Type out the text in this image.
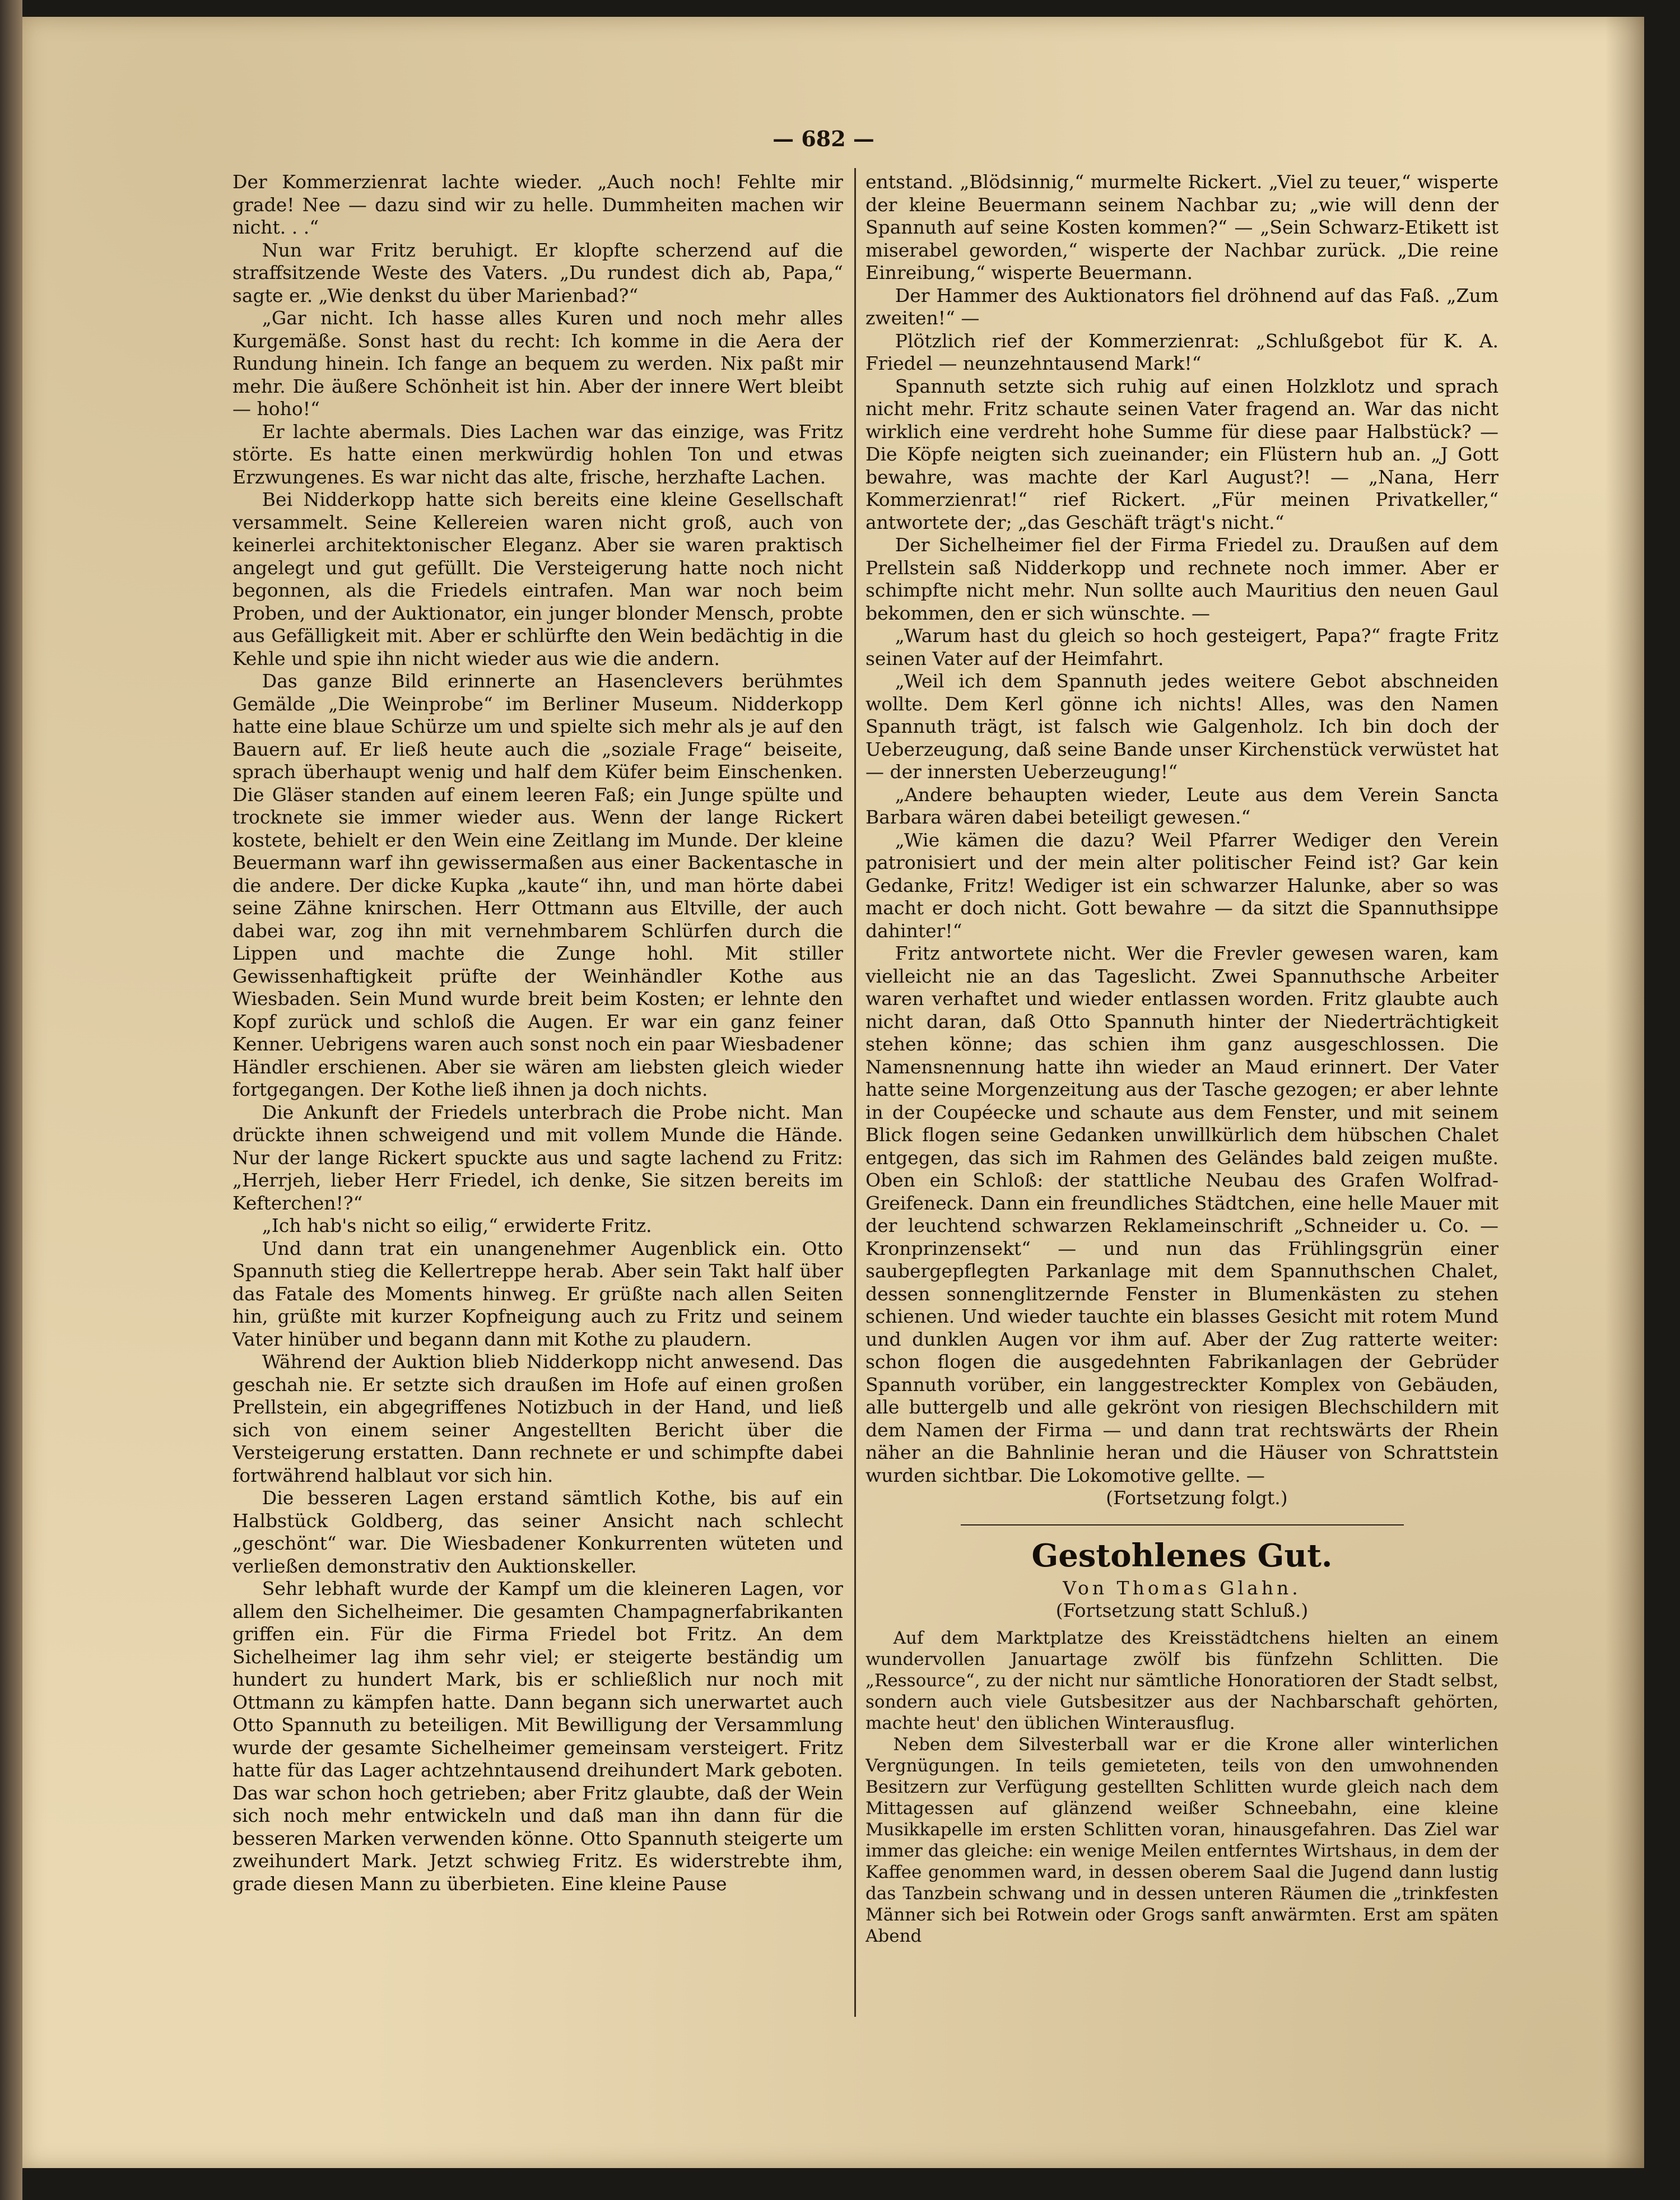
— 682 —

Der Kommerzienrat lachte wieder. „Auch noch! Fehlte mir grade! Nee — dazu sind wir zu helle. Dummheiten machen wir nicht. . .“

Nun war Fritz beruhigt. Er klopfte scherzend auf die straffsitzende Weste des Vaters. „Du rundest dich ab, Papa,“ sagte er. „Wie denkst du über Marienbad?“

„Gar nicht. Ich hasse alles Kuren und noch mehr alles Kurgemäße. Sonst hast du recht: Ich komme in die Aera der Rundung hinein. Ich fange an bequem zu werden. Nix paßt mir mehr. Die äußere Schönheit ist hin. Aber der innere Wert bleibt — hoho!“

Er lachte abermals. Dies Lachen war das einzige, was Fritz störte. Es hatte einen merkwürdig hohlen Ton und etwas Erzwungenes. Es war nicht das alte, frische, herzhafte Lachen.

Bei Nidderkopp hatte sich bereits eine kleine Gesellschaft versammelt. Seine Kellereien waren nicht groß, auch von keinerlei architektonischer Eleganz. Aber sie waren praktisch angelegt und gut gefüllt. Die Versteigerung hatte noch nicht begonnen, als die Friedels eintrafen. Man war noch beim Proben, und der Auktionator, ein junger blonder Mensch, probte aus Gefälligkeit mit. Aber er schlürfte den Wein bedächtig in die Kehle und spie ihn nicht wieder aus wie die andern.

Das ganze Bild erinnerte an Hasenclevers berühmtes Gemälde „Die Weinprobe“ im Berliner Museum. Nidderkopp hatte eine blaue Schürze um und spielte sich mehr als je auf den Bauern auf. Er ließ heute auch die „soziale Frage“ beiseite, sprach überhaupt wenig und half dem Küfer beim Einschenken. Die Gläser standen auf einem leeren Faß; ein Junge spülte und trocknete sie immer wieder aus. Wenn der lange Rickert kostete, behielt er den Wein eine Zeitlang im Munde. Der kleine Beuermann warf ihn gewissermaßen aus einer Backentasche in die andere. Der dicke Kupka „kaute“ ihn, und man hörte dabei seine Zähne knirschen. Herr Ottmann aus Eltville, der auch dabei war, zog ihn mit vernehmbarem Schlürfen durch die Lippen und machte die Zunge hohl. Mit stiller Gewissenhaftigkeit prüfte der Weinhändler Kothe aus Wiesbaden. Sein Mund wurde breit beim Kosten; er lehnte den Kopf zurück und schloß die Augen. Er war ein ganz feiner Kenner. Uebrigens waren auch sonst noch ein paar Wiesbadener Händler erschienen. Aber sie wären am liebsten gleich wieder fortgegangen. Der Kothe ließ ihnen ja doch nichts.

Die Ankunft der Friedels unterbrach die Probe nicht. Man drückte ihnen schweigend und mit vollem Munde die Hände. Nur der lange Rickert spuckte aus und sagte lachend zu Fritz: „Herrjeh, lieber Herr Friedel, ich denke, Sie sitzen bereits im Kefterchen!?“

„Ich hab's nicht so eilig,“ erwiderte Fritz.

Und dann trat ein unangenehmer Augenblick ein. Otto Spannuth stieg die Kellertreppe herab. Aber sein Takt half über das Fatale des Moments hinweg. Er grüßte nach allen Seiten hin, grüßte mit kurzer Kopfneigung auch zu Fritz und seinem Vater hinüber und begann dann mit Kothe zu plaudern.

Während der Auktion blieb Nidderkopp nicht anwesend. Das geschah nie. Er setzte sich draußen im Hofe auf einen großen Prellstein, ein abgegriffenes Notizbuch in der Hand, und ließ sich von einem seiner Angestellten Bericht über die Versteigerung erstatten. Dann rechnete er und schimpfte dabei fortwährend halblaut vor sich hin.

Die besseren Lagen erstand sämtlich Kothe, bis auf ein Halbstück Goldberg, das seiner Ansicht nach schlecht „geschönt“ war. Die Wiesbadener Konkurrenten wüteten und verließen demonstrativ den Auktionskeller.

Sehr lebhaft wurde der Kampf um die kleineren Lagen, vor allem den Sichelheimer. Die gesamten Champagnerfabrikanten griffen ein. Für die Firma Friedel bot Fritz. An dem Sichelheimer lag ihm sehr viel; er steigerte beständig um hundert zu hundert Mark, bis er schließlich nur noch mit Ottmann zu kämpfen hatte. Dann begann sich unerwartet auch Otto Spannuth zu beteiligen. Mit Bewilligung der Versammlung wurde der gesamte Sichelheimer gemeinsam versteigert. Fritz hatte für das Lager achtzehntausend dreihundert Mark geboten. Das war schon hoch getrieben; aber Fritz glaubte, daß der Wein sich noch mehr entwickeln und daß man ihn dann für die besseren Marken verwenden könne. Otto Spannuth steigerte um zweihundert Mark. Jetzt schwieg Fritz. Es widerstrebte ihm, grade diesen Mann zu überbieten. Eine kleine Pause

entstand. „Blödsinnig,“ murmelte Rickert. „Viel zu teuer,“ wisperte der kleine Beuermann seinem Nachbar zu; „wie will denn der Spannuth auf seine Kosten kommen?“ — „Sein Schwarz-Etikett ist miserabel geworden,“ wisperte der Nachbar zurück. „Die reine Einreibung,“ wisperte Beuermann.

Der Hammer des Auktionators fiel dröhnend auf das Faß. „Zum zweiten!“ —

Plötzlich rief der Kommerzienrat: „Schlußgebot für K. A. Friedel — neunzehntausend Mark!“

Spannuth setzte sich ruhig auf einen Holzklotz und sprach nicht mehr. Fritz schaute seinen Vater fragend an. War das nicht wirklich eine verdreht hohe Summe für diese paar Halbstück? — Die Köpfe neigten sich zueinander; ein Flüstern hub an. „J Gott bewahre, was machte der Karl August?! — „Nana, Herr Kommerzienrat!“ rief Rickert. „Für meinen Privatkeller,“ antwortete der; „das Geschäft trägt's nicht.“

Der Sichelheimer fiel der Firma Friedel zu. Draußen auf dem Prellstein saß Nidderkopp und rechnete noch immer. Aber er schimpfte nicht mehr. Nun sollte auch Mauritius den neuen Gaul bekommen, den er sich wünschte. —

„Warum hast du gleich so hoch gesteigert, Papa?“ fragte Fritz seinen Vater auf der Heimfahrt.

„Weil ich dem Spannuth jedes weitere Gebot abschneiden wollte. Dem Kerl gönne ich nichts! Alles, was den Namen Spannuth trägt, ist falsch wie Galgenholz. Ich bin doch der Ueberzeugung, daß seine Bande unser Kirchenstück verwüstet hat — der innersten Ueberzeugung!“

„Andere behaupten wieder, Leute aus dem Verein Sancta Barbara wären dabei beteiligt gewesen.“

„Wie kämen die dazu? Weil Pfarrer Wediger den Verein patronisiert und der mein alter politischer Feind ist? Gar kein Gedanke, Fritz! Wediger ist ein schwarzer Halunke, aber so was macht er doch nicht. Gott bewahre — da sitzt die Spannuthsippe dahinter!“

Fritz antwortete nicht. Wer die Frevler gewesen waren, kam vielleicht nie an das Tageslicht. Zwei Spannuthsche Arbeiter waren verhaftet und wieder entlassen worden. Fritz glaubte auch nicht daran, daß Otto Spannuth hinter der Niederträchtigkeit stehen könne; das schien ihm ganz ausgeschlossen. Die Namensnennung hatte ihn wieder an Maud erinnert. Der Vater hatte seine Morgenzeitung aus der Tasche gezogen; er aber lehnte in der Coupéecke und schaute aus dem Fenster, und mit seinem Blick flogen seine Gedanken unwillkürlich dem hübschen Chalet entgegen, das sich im Rahmen des Geländes bald zeigen mußte. Oben ein Schloß: der stattliche Neubau des Grafen Wolfrad-Greifeneck. Dann ein freundliches Städtchen, eine helle Mauer mit der leuchtend schwarzen Reklameinschrift „Schneider u. Co. — Kronprinzensekt“ — und nun das Frühlingsgrün einer saubergepflegten Parkanlage mit dem Spannuthschen Chalet, dessen sonnenglitzernde Fenster in Blumenkästen zu stehen schienen. Und wieder tauchte ein blasses Gesicht mit rotem Mund und dunklen Augen vor ihm auf. Aber der Zug ratterte weiter: schon flogen die ausgedehnten Fabrikanlagen der Gebrüder Spannuth vorüber, ein langgestreckter Komplex von Gebäuden, alle buttergelb und alle gekrönt von riesigen Blechschildern mit dem Namen der Firma — und dann trat rechtswärts der Rhein näher an die Bahnlinie heran und die Häuser von Schrattstein wurden sichtbar. Die Lokomotive gellte. —

(Fortsetzung folgt.)

Gestohlenes Gut.
Von Thomas Glahn.
(Fortsetzung statt Schluß.)

Auf dem Marktplatze des Kreisstädtchens hielten an einem wundervollen Januartage zwölf bis fünfzehn Schlitten. Die „Ressource“, zu der nicht nur sämtliche Honoratioren der Stadt selbst, sondern auch viele Gutsbesitzer aus der Nachbarschaft gehörten, machte heut' den üblichen Winterausflug.

Neben dem Silvesterball war er die Krone aller winterlichen Vergnügungen. In teils gemieteten, teils von den umwohnenden Besitzern zur Verfügung gestellten Schlitten wurde gleich nach dem Mittagessen auf glänzend weißer Schneebahn, eine kleine Musikkapelle im ersten Schlitten voran, hinausgefahren. Das Ziel war immer das gleiche: ein wenige Meilen entferntes Wirtshaus, in dem der Kaffee genommen ward, in dessen oberem Saal die Jugend dann lustig das Tanzbein schwang und in dessen unteren Räumen die „trinkfesten Männer sich bei Rotwein oder Grogs sanft anwärmten. Erst am späten Abend
